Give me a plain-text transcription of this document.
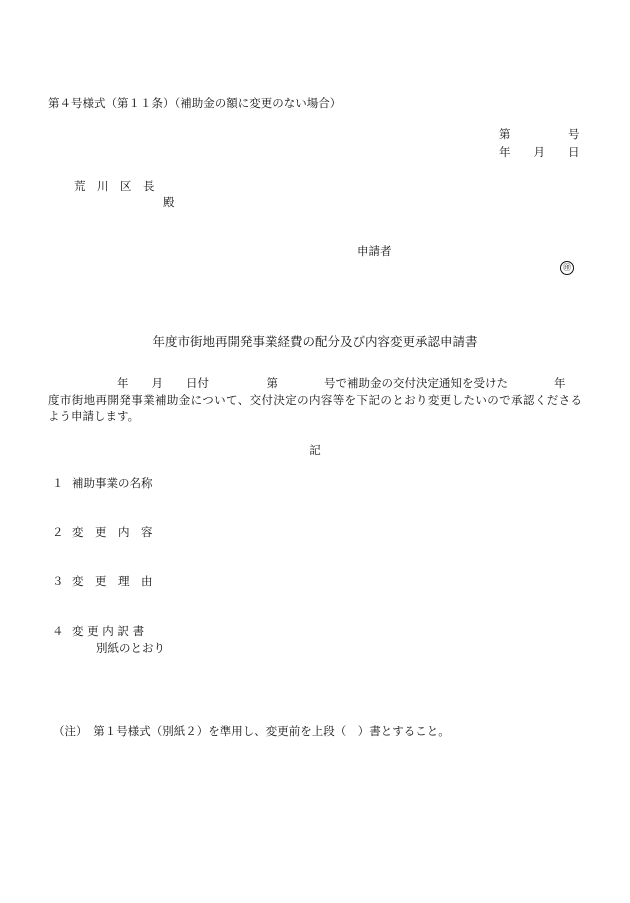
第４号様式（第１１条）（補助金の額に変更のない場合）
第　　　　　号
年　　月　　日
荒　川　区　長
殿
申請者
㊞
年度市街地再開発事業経費の配分及び内容変更承認申請書
　　　　　　年　　月　　日付　　　　　第　　　　号で補助金の交付決定通知を受けた　　　　年
度市街地再開発事業補助金について、交付決定の内容等を下記のとおり変更したいので承認くださる
よう申請します。
記
１ 補助事業の名称
２ 変　更　内　容
３ 変　更　理　由
４ 変 更 内 訳 書
別紙のとおり
（注）　第１号様式（別紙２）を準用し、変更前を上段（　）書とすること。
